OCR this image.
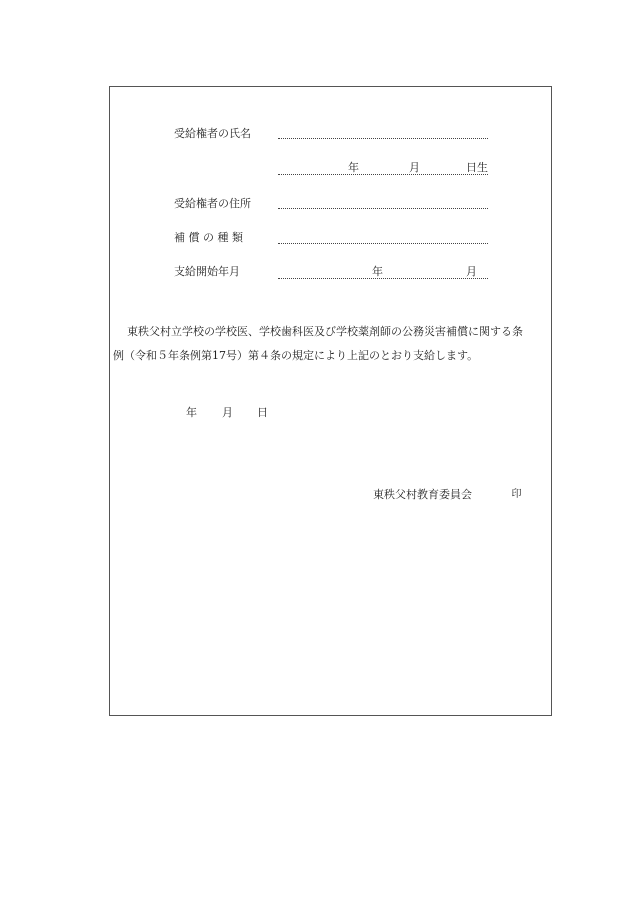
受給権者の氏名
年	月	日生
受給権者の住所
補 償 の 種 類
支給開始年月	年	月
東秩父村立学校の学校医、学校歯科医及び学校薬剤師の公務災害補償に関する条
例（令和５年条例第17号）第４条の規定により上記のとおり支給します。
年 月 日
東秩父村教育委員会	印
